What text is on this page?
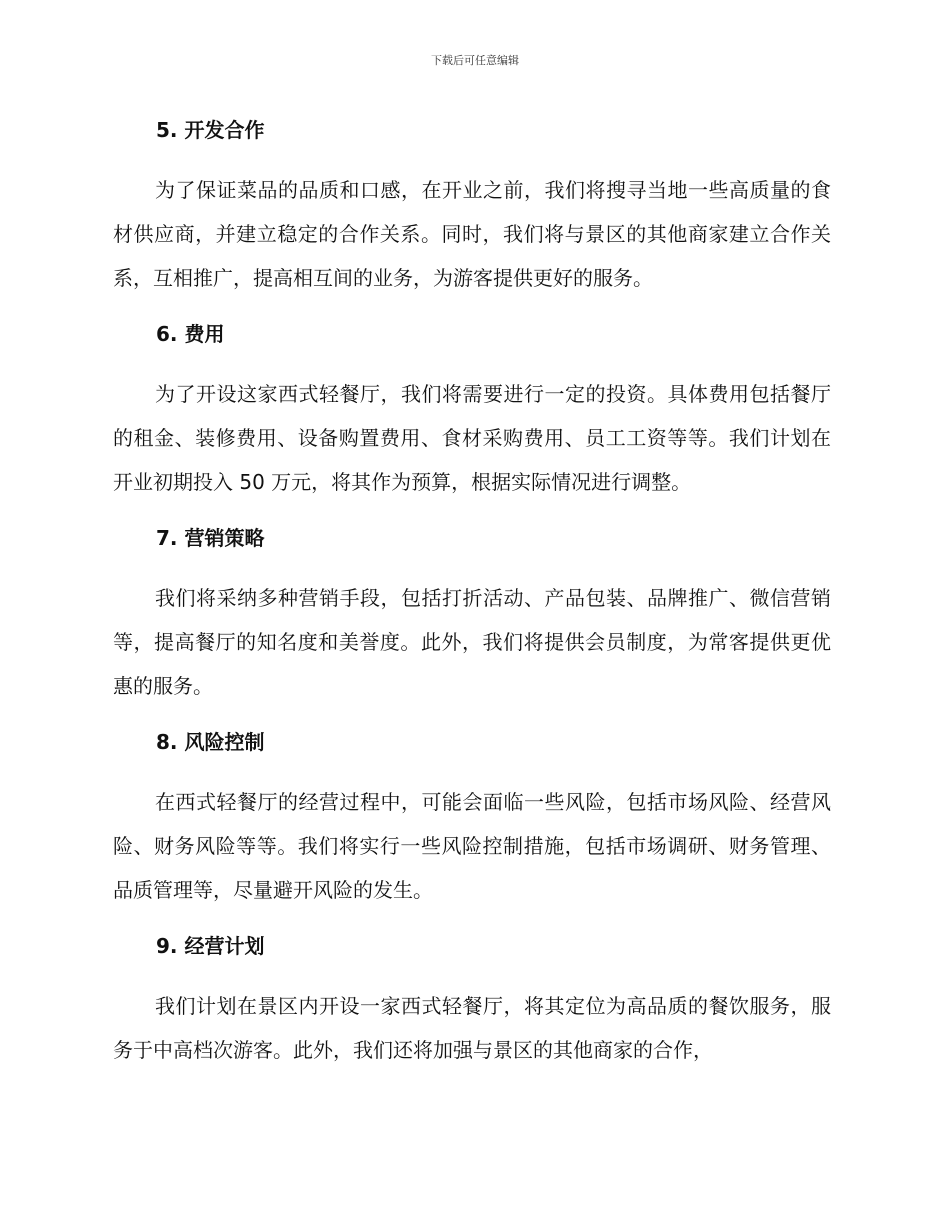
下载后可任意编辑
5. 开发合作

为了保证菜品的品质和口感，在开业之前，我们将搜寻当地一些高质量的食材供应商，并建立稳定的合作关系。同时，我们将与景区的其他商家建立合作关系，互相推广，提高相互间的业务，为游客提供更好的服务。

6. 费用

为了开设这家西式轻餐厅，我们将需要进行一定的投资。具体费用包括餐厅的租金、装修费用、设备购置费用、食材采购费用、员工工资等等。我们计划在开业初期投入 50 万元，将其作为预算，根据实际情况进行调整。

7. 营销策略

我们将采纳多种营销手段，包括打折活动、产品包装、品牌推广、微信营销等，提高餐厅的知名度和美誉度。此外，我们将提供会员制度，为常客提供更优惠的服务。

8. 风险控制

在西式轻餐厅的经营过程中，可能会面临一些风险，包括市场风险、经营风险、财务风险等等。我们将实行一些风险控制措施，包括市场调研、财务管理、品质管理等，尽量避开风险的发生。

9. 经营计划

我们计划在景区内开设一家西式轻餐厅，将其定位为高品质的餐饮服务，服务于中高档次游客。此外，我们还将加强与景区的其他商家的合作，
